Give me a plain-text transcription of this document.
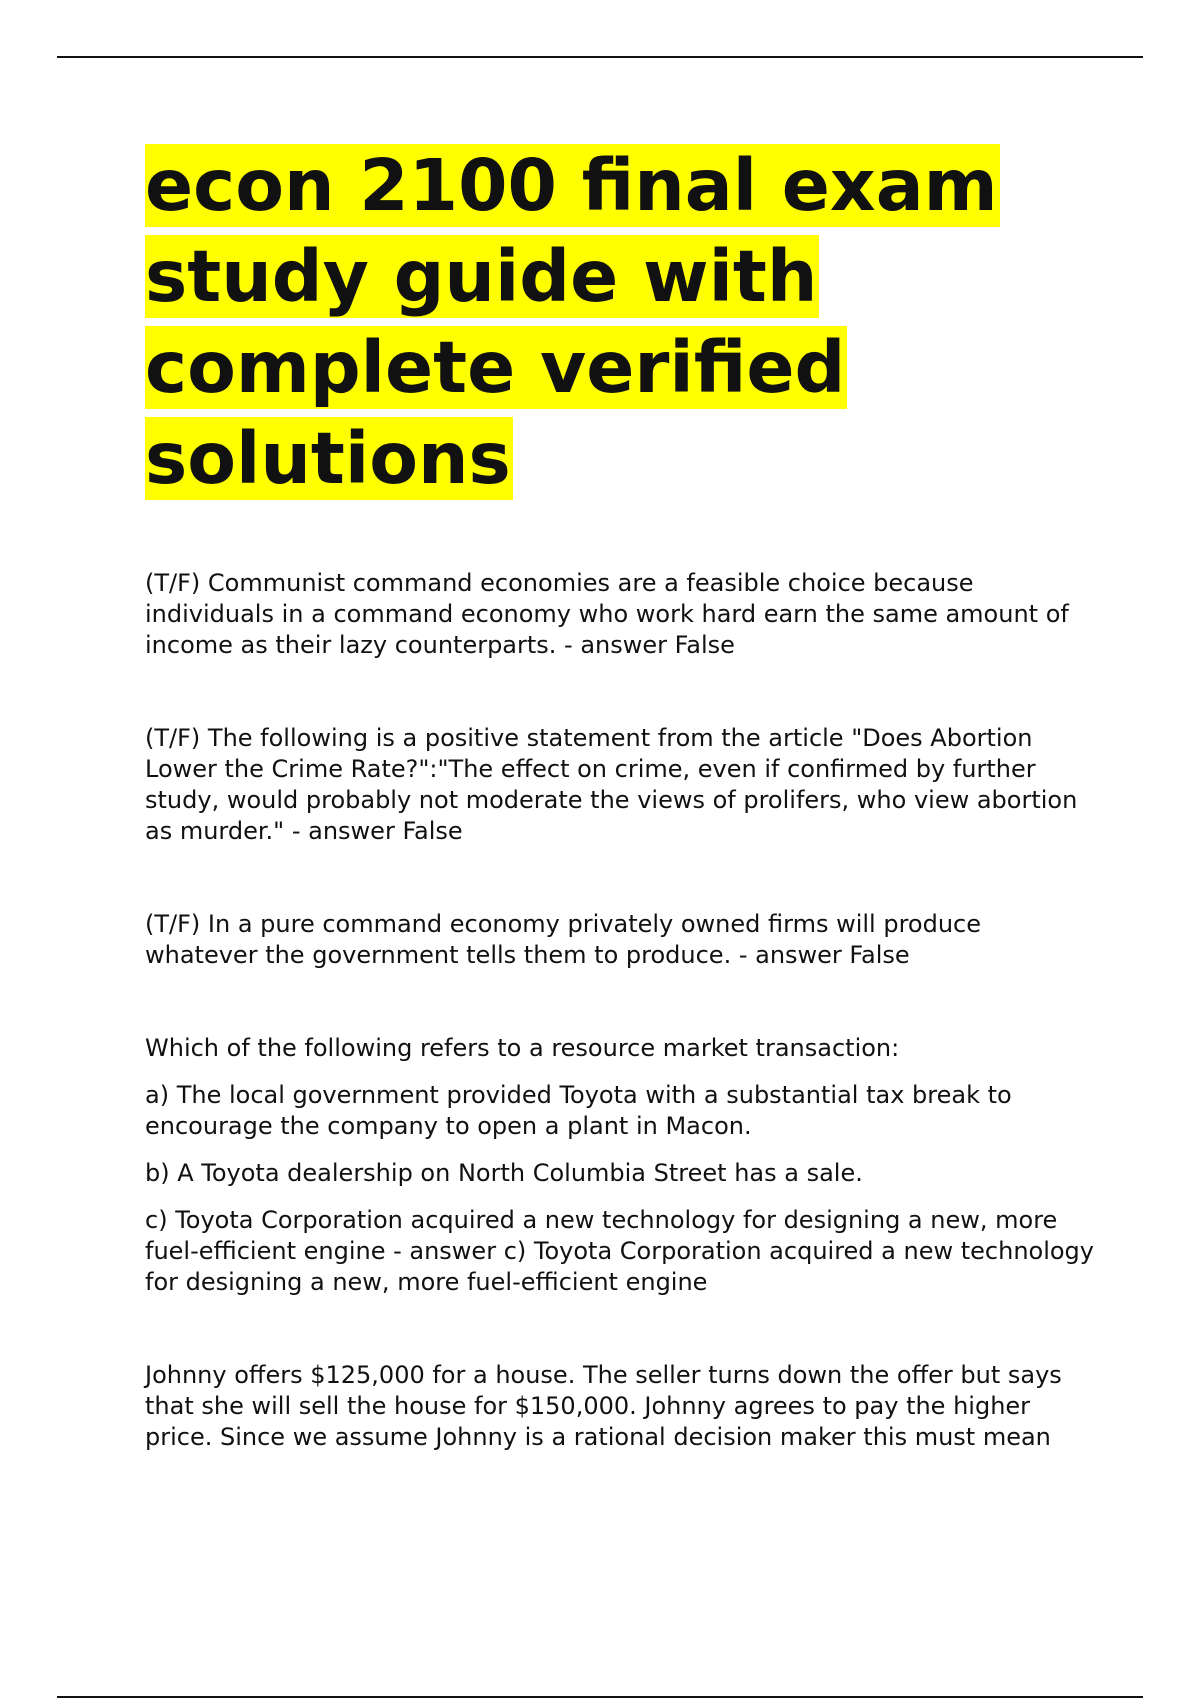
econ 2100 final exam study guide with complete verified solutions

(T/F) Communist command economies are a feasible choice because individuals in a command economy who work hard earn the same amount of income as their lazy counterparts. - answer False

(T/F) The following is a positive statement from the article "Does Abortion Lower the Crime Rate?":"The effect on crime, even if confirmed by further study, would probably not moderate the views of prolifers, who view abortion as murder." - answer False

(T/F) In a pure command economy privately owned firms will produce whatever the government tells them to produce. - answer False

Which of the following refers to a resource market transaction:

a) The local government provided Toyota with a substantial tax break to encourage the company to open a plant in Macon.

b) A Toyota dealership on North Columbia Street has a sale.

c) Toyota Corporation acquired a new technology for designing a new, more fuel-efficient engine - answer c) Toyota Corporation acquired a new technology for designing a new, more fuel-efficient engine

Johnny offers $125,000 for a house. The seller turns down the offer but says that she will sell the house for $150,000. Johnny agrees to pay the higher price. Since we assume Johnny is a rational decision maker this must mean
